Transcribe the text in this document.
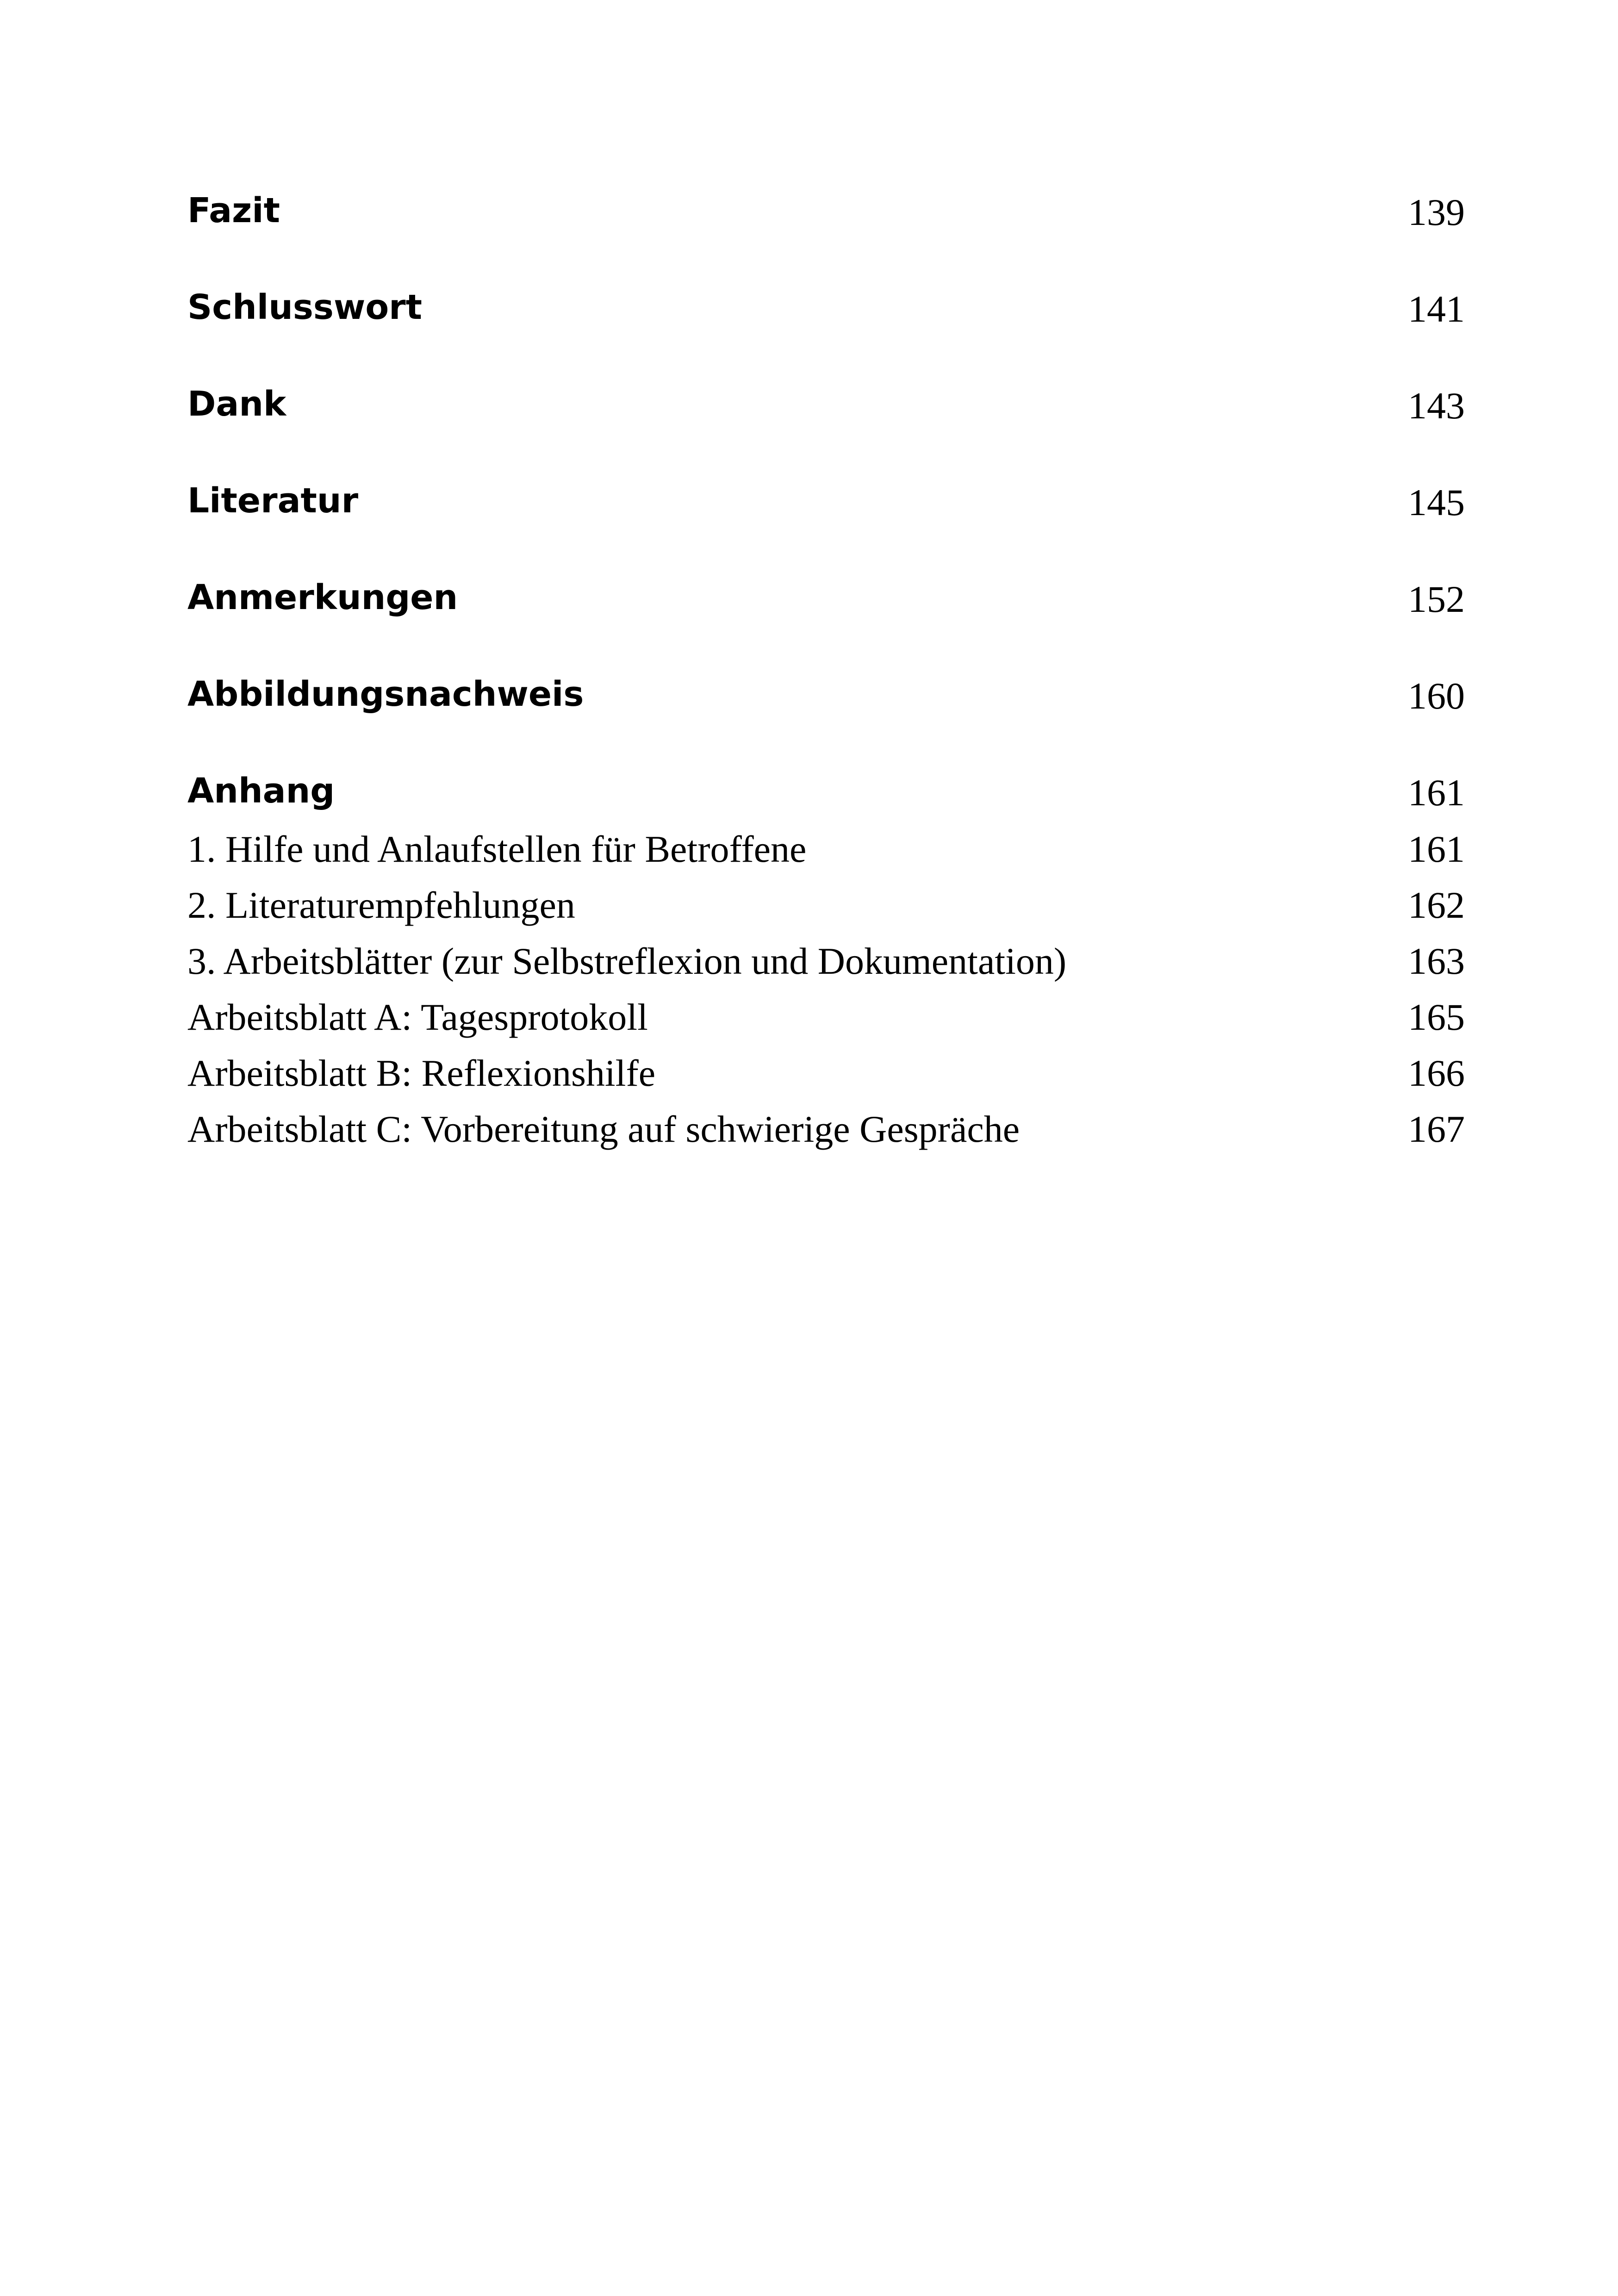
Fazit	139
Schlusswort	141
Dank	143
Literatur	145
Anmerkungen	152
Abbildungsnachweis	160
Anhang	161
1. Hilfe und Anlaufstellen für Betroffene	161
2. Literaturempfehlungen	162
3. Arbeitsblätter (zur Selbstreflexion und Dokumentation)	163
Arbeitsblatt A: Tagesprotokoll	165
Arbeitsblatt B: Reflexionshilfe	166
Arbeitsblatt C: Vorbereitung auf schwierige Gespräche	167
